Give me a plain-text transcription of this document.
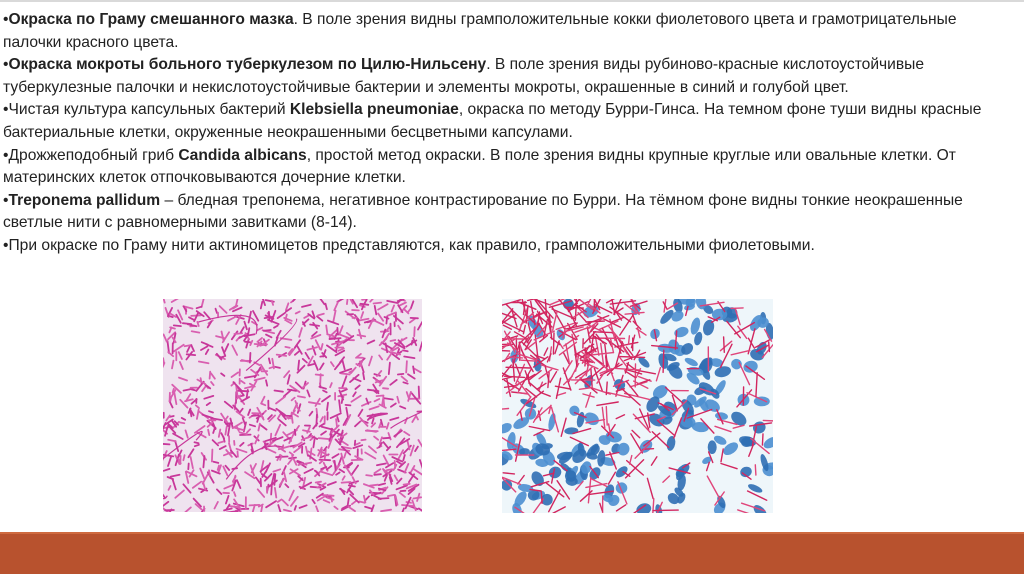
•Окраска по Граму смешанного мазка. В поле зрения видны грамположительные кокки фиолетового цвета и грамотрицательные палочки красного цвета.

•Окраска мокроты больного туберкулезом по Цилю-Нильсену. В поле зрения виды рубиново-красные кислотоустойчивые туберкулезные палочки и некислотоустойчивые бактерии и элементы мокроты, окрашенные в синий и голубой цвет.

•Чистая культура капсульных бактерий Klebsiella pneumoniae, окраска по методу Бурри-Гинса. На темном фоне туши видны красные бактериальные клетки, окруженные неокрашенными бесцветными капсулами.

•Дрожжеподобный гриб Candida albicans, простой метод окраски. В поле зрения видны крупные круглые или овальные клетки. От материнских клеток отпочковываются дочерние клетки.

•Treponema pallidum – бледная трепонема, негативное контрастирование по Бурри. На тёмном фоне видны тонкие неокрашенные светлые нити с равномерными завитками (8-14).

•При окраске по Граму нити актиномицетов представляются, как правило, грамположительными фиолетовыми.
